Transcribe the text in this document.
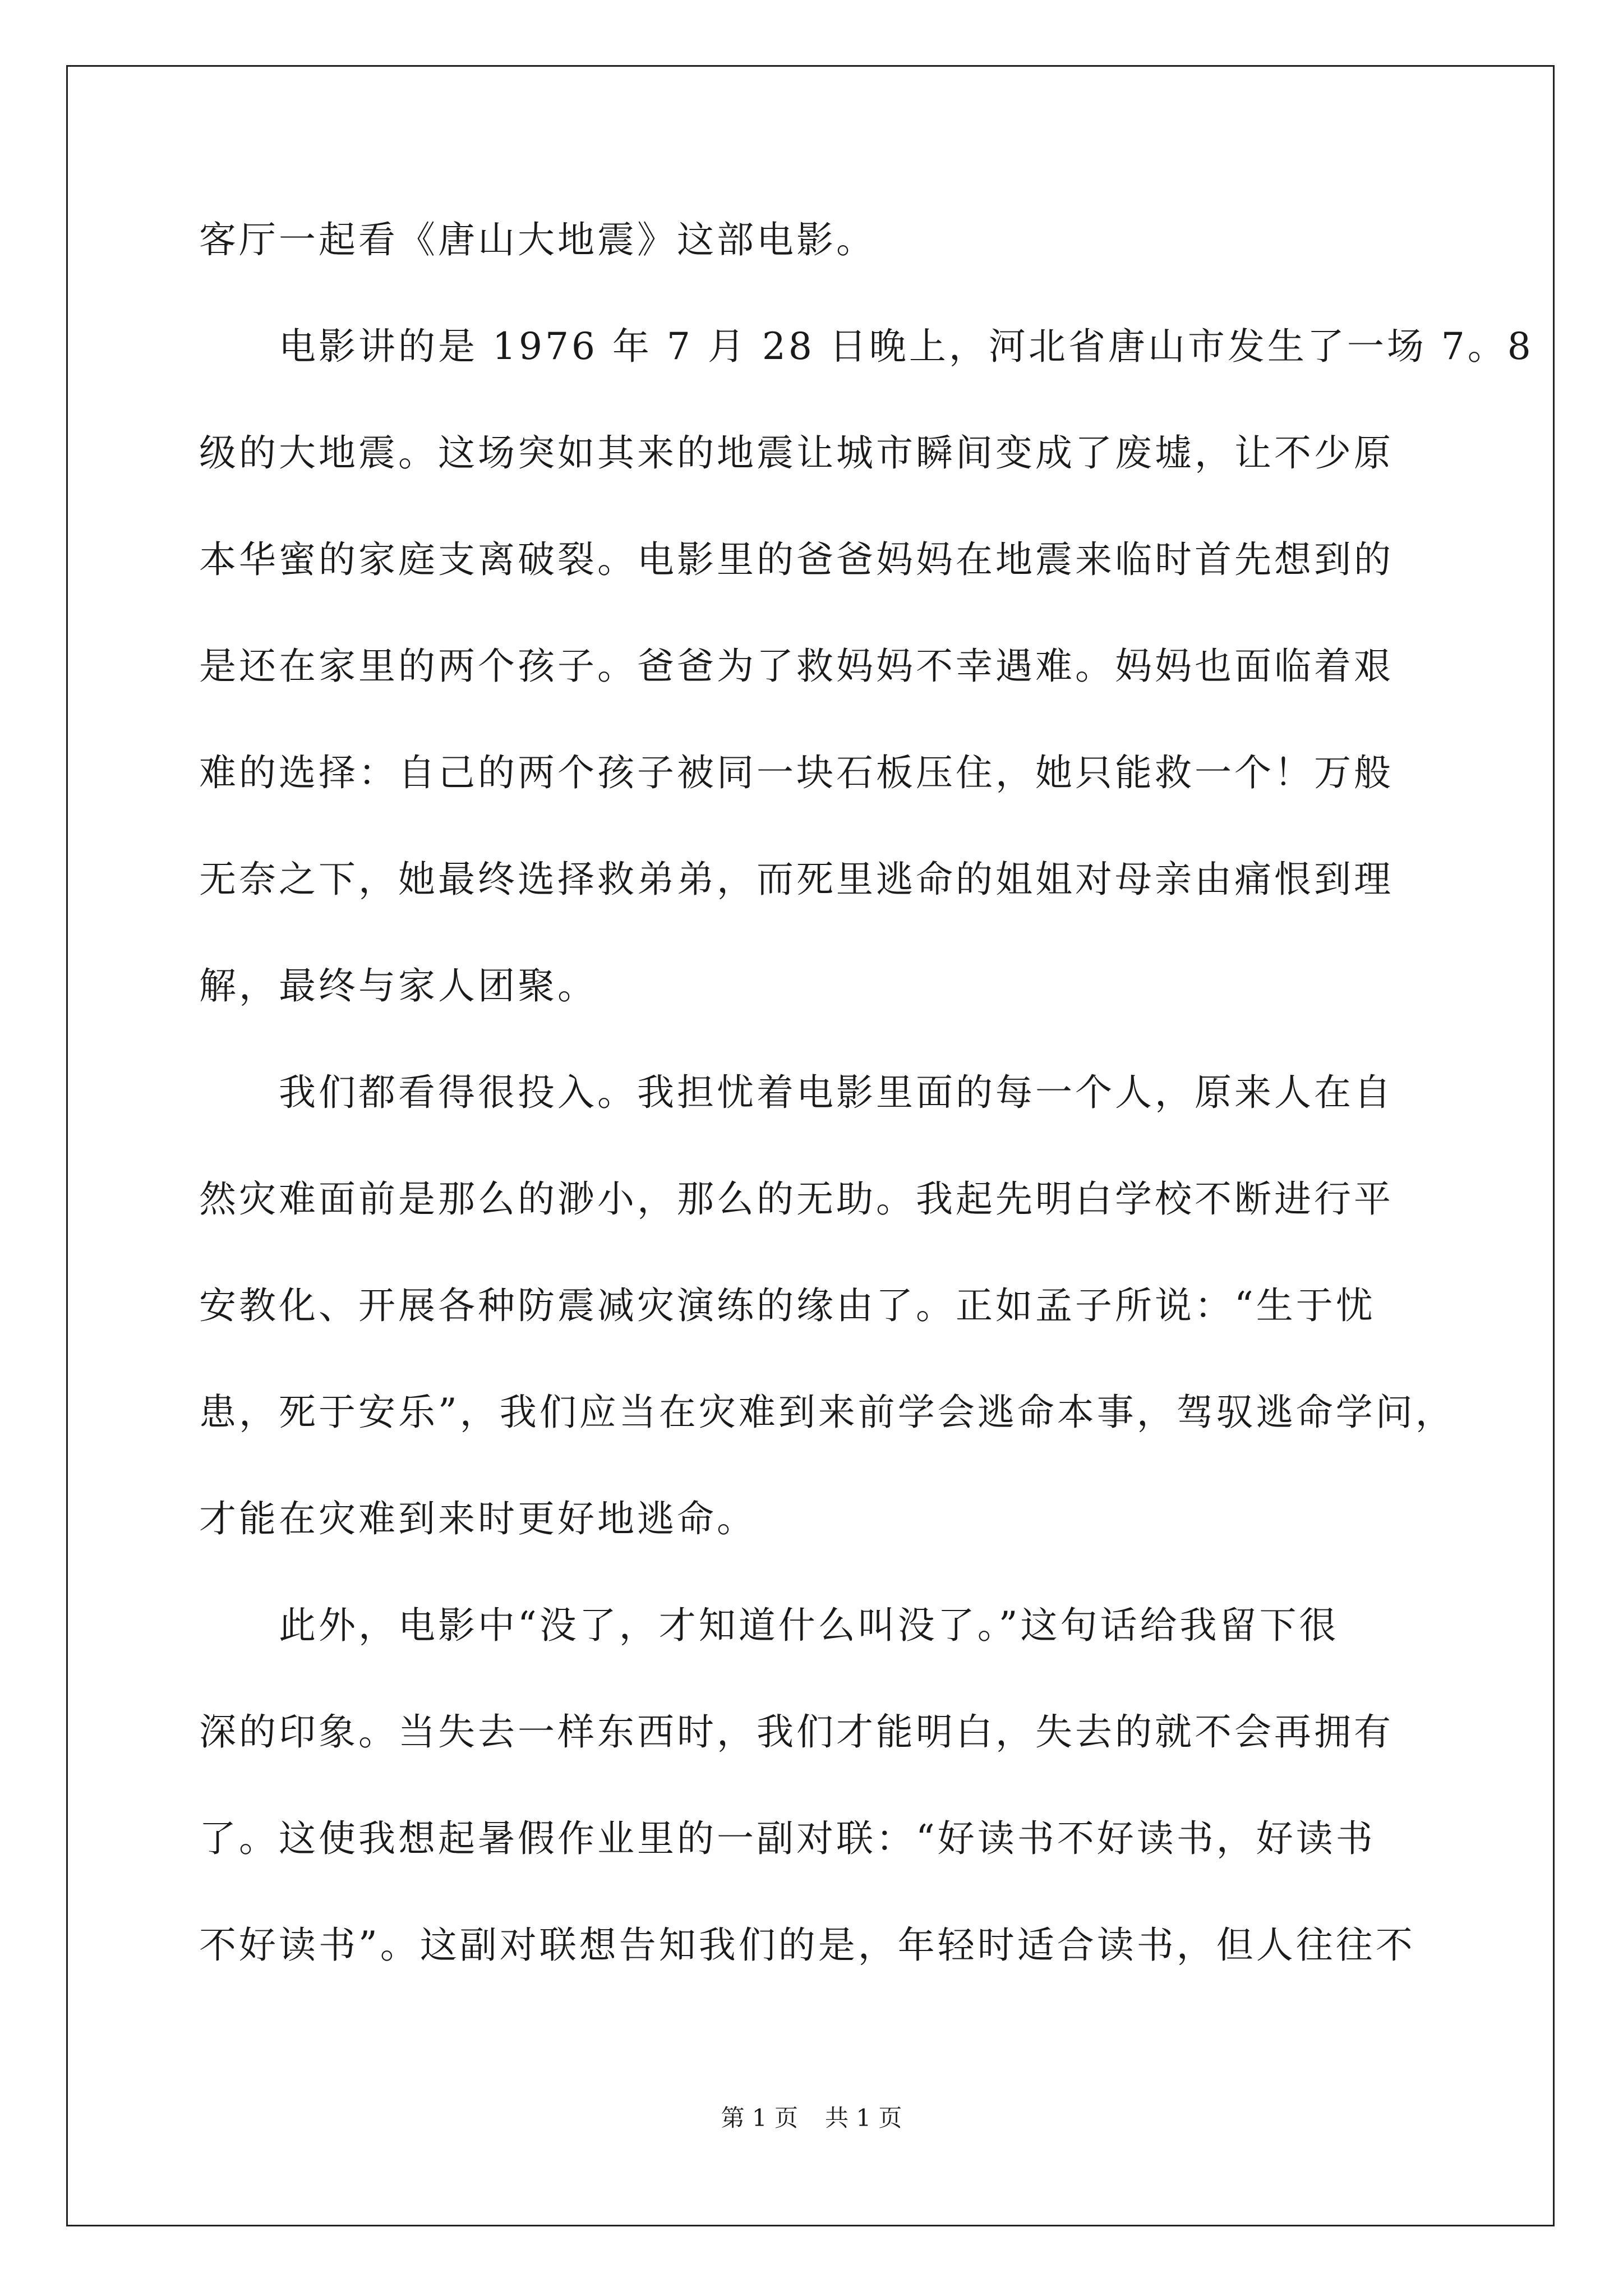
客厅一起看《唐山大地震》这部电影。
电影讲的是 1976 年 7 月 28 日晚上，河北省唐山市发生了一场 7。8
级的大地震。这场突如其来的地震让城市瞬间变成了废墟，让不少原
本华蜜的家庭支离破裂。电影里的爸爸妈妈在地震来临时首先想到的
是还在家里的两个孩子。爸爸为了救妈妈不幸遇难。妈妈也面临着艰
难的选择：自己的两个孩子被同一块石板压住，她只能救一个！万般
无奈之下，她最终选择救弟弟，而死里逃命的姐姐对母亲由痛恨到理
解，最终与家人团聚。
我们都看得很投入。我担忧着电影里面的每一个人，原来人在自
然灾难面前是那么的渺小，那么的无助。我起先明白学校不断进行平
安教化、开展各种防震减灾演练的缘由了。正如孟子所说：“生于忧
患，死于安乐”，我们应当在灾难到来前学会逃命本事，驾驭逃命学问，
才能在灾难到来时更好地逃命。
此外，电影中“没了，才知道什么叫没了。”这句话给我留下很
深的印象。当失去一样东西时，我们才能明白，失去的就不会再拥有
了。这使我想起暑假作业里的一副对联：“好读书不好读书，好读书
不好读书”。这副对联想告知我们的是，年轻时适合读书，但人往往不
第 1 页 共 1 页
